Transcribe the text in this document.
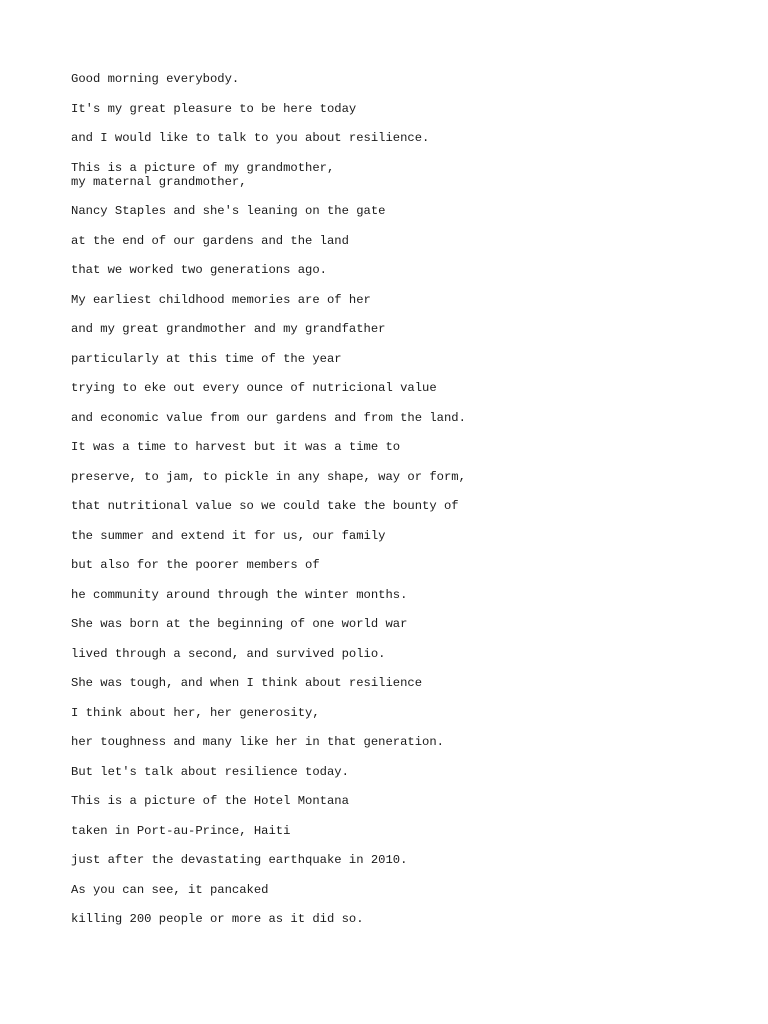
Good morning everybody.
It's my great pleasure to be here today
and I would like to talk to you about resilience.
This is a picture of my grandmother,
my maternal grandmother,
Nancy Staples and she's leaning on the gate
at the end of our gardens and the land
that we worked two generations ago.
My earliest childhood memories are of her
and my great grandmother and my grandfather
particularly at this time of the year
trying to eke out every ounce of nutricional value
and economic value from our gardens and from the land.
It was a time to harvest but it was a time to
preserve, to jam, to pickle in any shape, way or form,
that nutritional value so we could take the bounty of
the summer and extend it for us, our family
but also for the poorer members of
he community around through the winter months.
She was born at the beginning of one world war
lived through a second, and survived polio.
She was tough, and when I think about resilience
I think about her, her generosity,
her toughness and many like her in that generation.
But let's talk about resilience today.
This is a picture of the Hotel Montana
taken in Port-au-Prince, Haiti
just after the devastating earthquake in 2010.
As you can see, it pancaked
killing 200 people or more as it did so.
